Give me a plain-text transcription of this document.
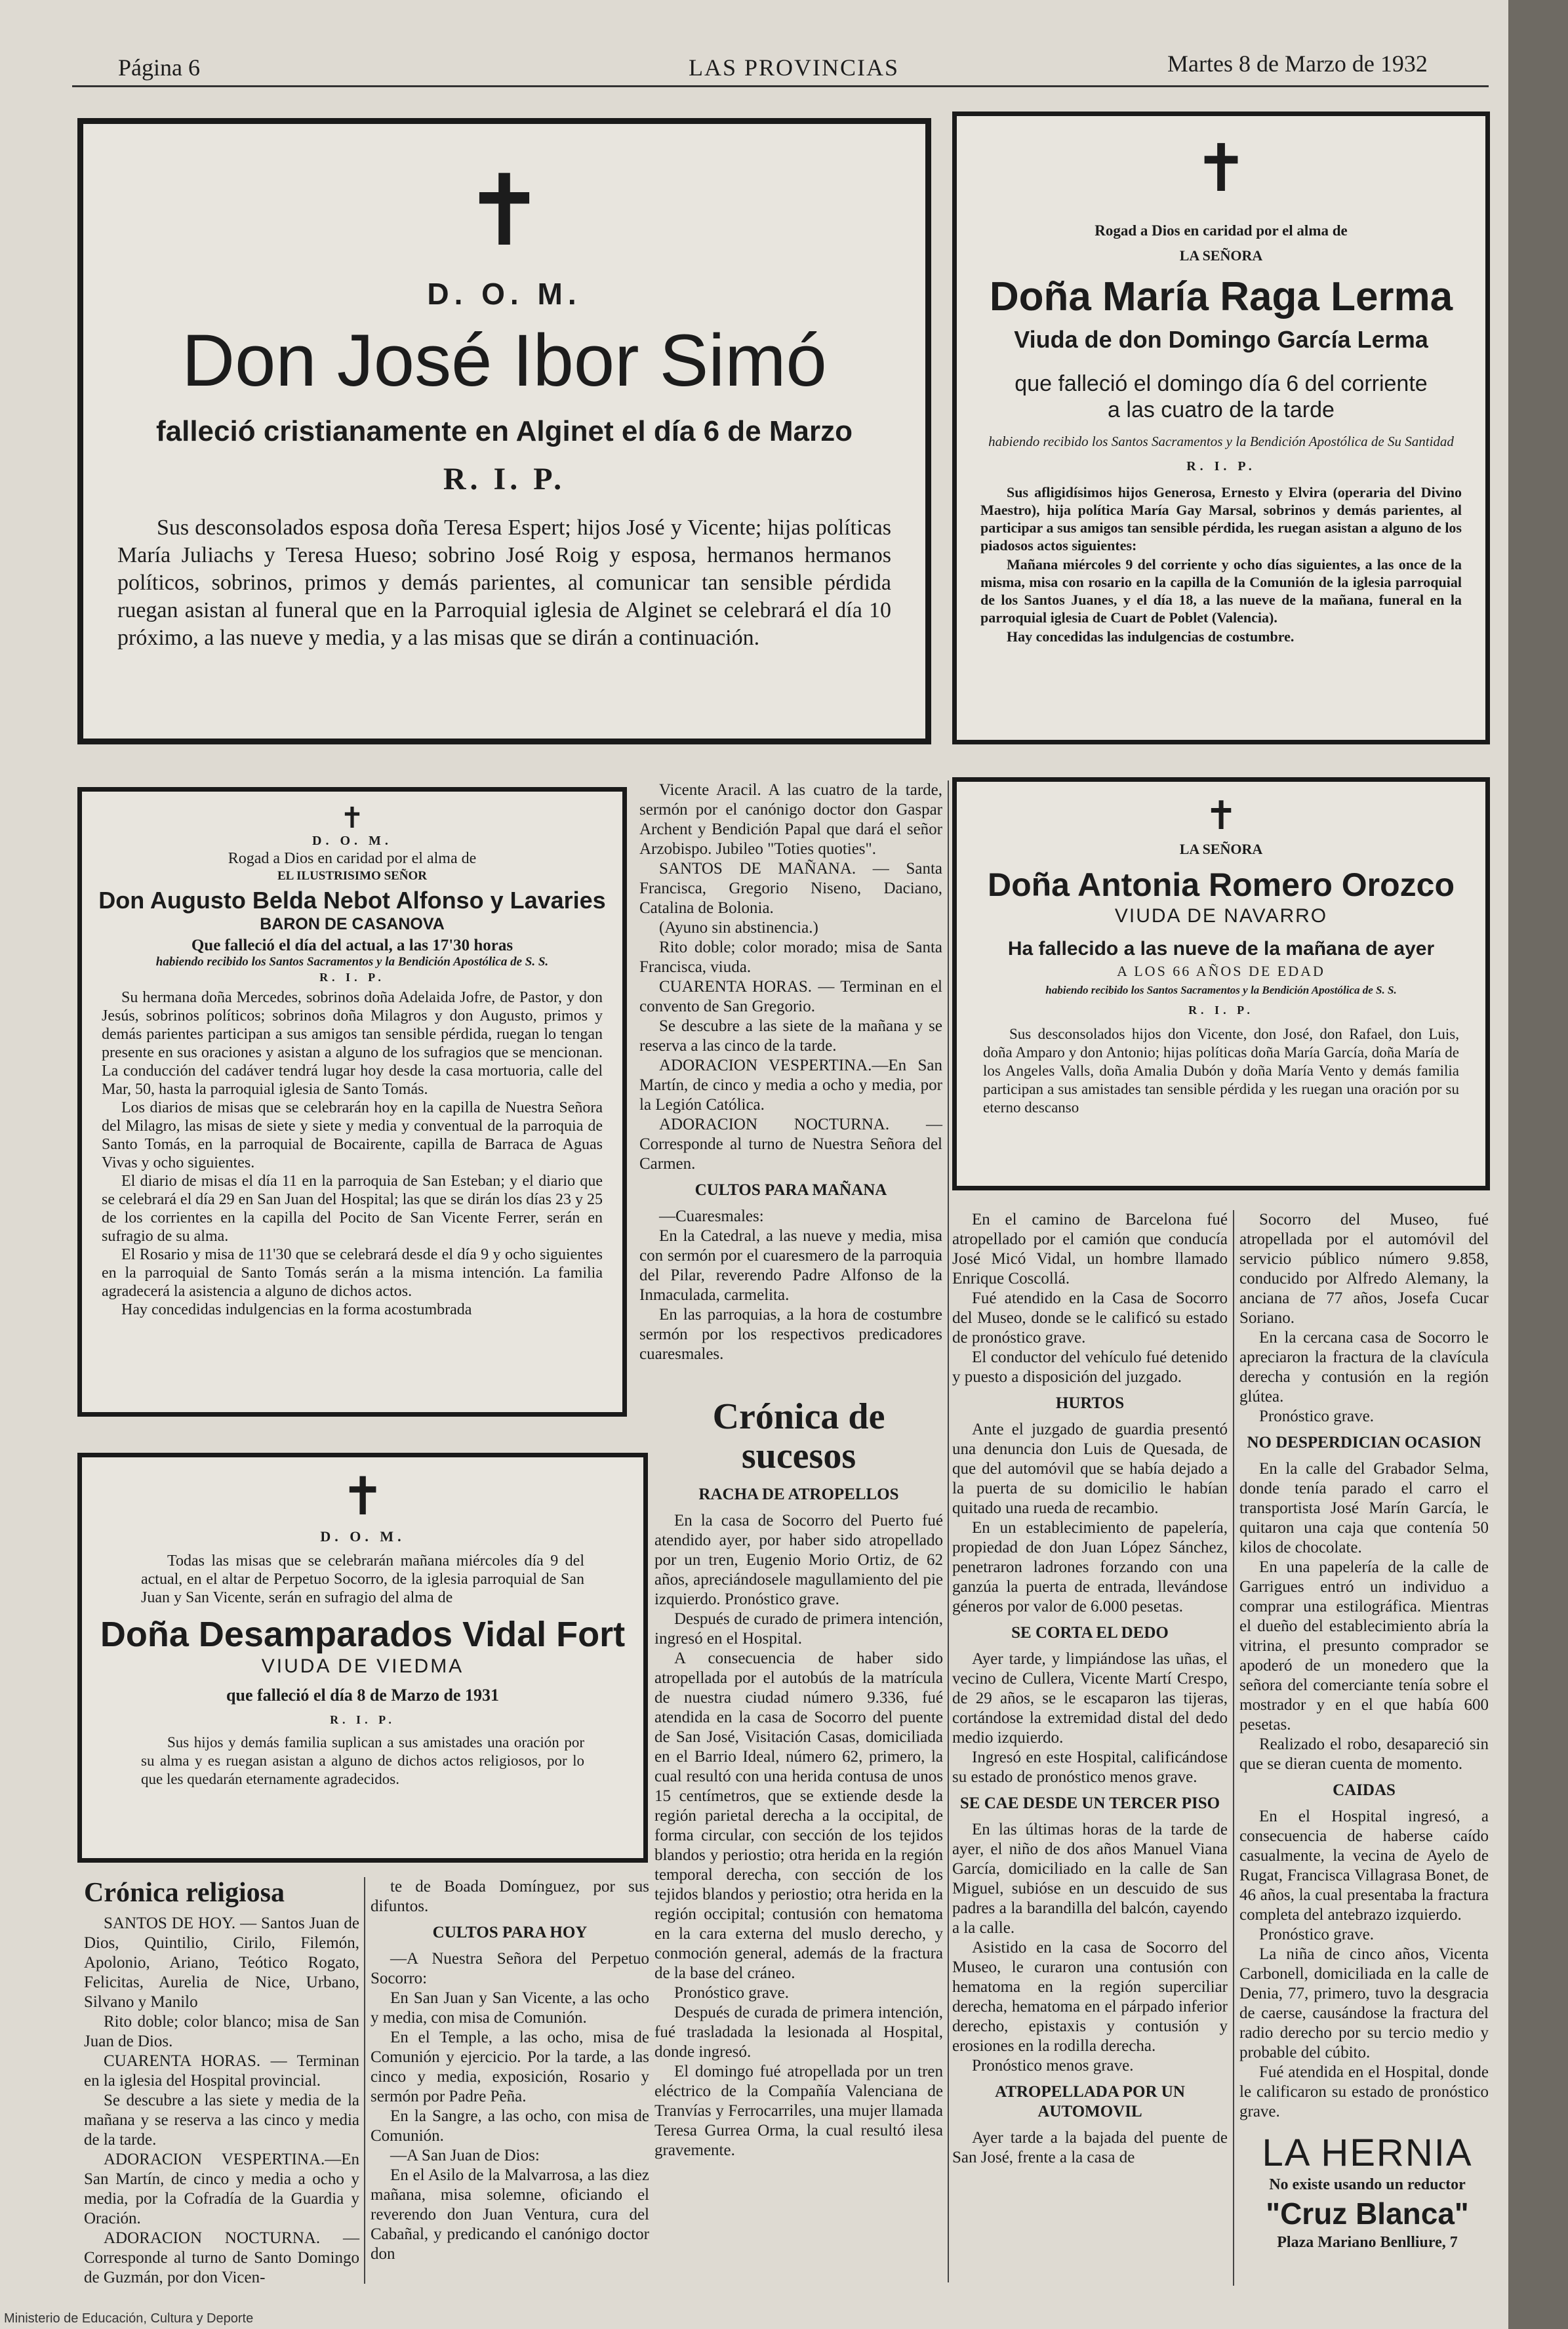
Página 6	LAS PROVINCIAS	Martes 8 de Marzo de 1932
✝
D. O. M.
Don José Ibor Simó
falleció cristianamente en Alginet el día 6 de Marzo
R. I. P.
Sus desconsolados esposa doña Teresa Espert; hijos José y Vicente; hijas políticas María Juliachs y Teresa Hueso; sobrino José Roig y esposa, hermanos hermanos políticos, sobrinos, primos y demás parientes, al comunicar tan sensible pérdida ruegan asistan al funeral que en la Parroquial iglesia de Alginet se celebrará el día 10 próximo, a las nueve y media, y a las misas que se dirán a continuación.
✝
Rogad a Dios en caridad por el alma de
LA SEÑORA
Doña María Raga Lerma
Viuda de don Domingo García Lerma
que falleció el domingo día 6 del corriente a las cuatro de la tarde
habiendo recibido los Santos Sacramentos y la Bendición Apostólica de Su Santidad
R. I. P.
Sus afligidísimos hijos Generosa, Ernesto y Elvira (operaria del Divino Maestro), hija política María Gay Marsal, sobrinos y demás parientes, al participar a sus amigos tan sensible pérdida, les ruegan asistan a alguno de los piadosos actos siguientes:
Mañana miércoles 9 del corriente y ocho días siguientes, a las once de la misma, misa con rosario en la capilla de la Comunión de la iglesia parroquial de los Santos Juanes, y el día 18, a las nueve de la mañana, funeral en la parroquial iglesia de Cuart de Poblet (Valencia).
Hay concedidas las indulgencias de costumbre.
✝
D. O. M.
Rogad a Dios en caridad por el alma de
EL ILUSTRISIMO SEÑOR
Don Augusto Belda Nebot Alfonso y Lavaries
BARON DE CASANOVA
Que falleció el día del actual, a las 17'30 horas
habiendo recibido los Santos Sacramentos y la Bendición Apostólica de S. S.
R. I. P.
Su hermana doña Mercedes, sobrinos doña Adelaida Jofre, de Pastor, y don Jesús, sobrinos políticos; sobrinos doña Milagros y don Augusto, primos y demás parientes participan a sus amigos tan sensible pérdida, ruegan lo tengan presente en sus oraciones y asistan a alguno de los sufragios que se mencionan. La conducción del cadáver tendrá lugar hoy desde la casa mortuoria, calle del Mar, 50, hasta la parroquial iglesia de Santo Tomás.
Los diarios de misas que se celebrarán hoy en la capilla de Nuestra Señora del Milagro, las misas de siete y siete y media y conventual de la parroquia de Santo Tomás, en la parroquial de Bocairente, capilla de Barraca de Aguas Vivas y ocho siguientes.
El diario de misas el día 11 en la parroquia de San Esteban; y el diario que se celebrará el día 29 en San Juan del Hospital; las que se dirán los días 23 y 25 de los corrientes en la capilla del Pocito de San Vicente Ferrer, serán en sufragio de su alma.
El Rosario y misa de 11'30 que se celebrará desde el día 9 y ocho siguientes en la parroquial de Santo Tomás serán a la misma intención. La familia agradecerá la asistencia a alguno de dichos actos.
Hay concedidas indulgencias en la forma acostumbrada
✝
D. O. M.
Todas las misas que se celebrarán mañana miércoles día 9 del actual, en el altar de Perpetuo Socorro, de la iglesia parroquial de San Juan y San Vicente, serán en sufragio del alma de
Doña Desamparados Vidal Fort
VIUDA DE VIEDMA
que falleció el día 8 de Marzo de 1931
R. I. P.
Sus hijos y demás familia suplican a sus amistades una oración por su alma y es ruegan asistan a alguno de dichos actos religiosos, por lo que les quedarán eternamente agradecidos.

Vicente Aracil. A las cuatro de la tarde, sermón por el canónigo doctor don Gaspar Archent y Bendición Papal que dará el señor Arzobispo. Jubileo "Toties quoties".

SANTOS DE MAÑANA. — Santa Francisca, Gregorio Niseno, Daciano, Catalina de Bolonia.

(Ayuno sin abstinencia.)

Rito doble; color morado; misa de Santa Francisca, viuda.

CUARENTA HORAS. — Terminan en el convento de San Gregorio.

Se descubre a las siete de la mañana y se reserva a las cinco de la tarde.

ADORACION VESPERTINA.—En San Martín, de cinco y media a ocho y media, por la Legión Católica.

ADORACION NOCTURNA. — Corresponde al turno de Nuestra Señora del Carmen.

CULTOS PARA MAÑANA

—Cuaresmales:

En la Catedral, a las nueve y media, misa con sermón por el cuaresmero de la parroquia del Pilar, reverendo Padre Alfonso de la Inmaculada, carmelita.

En las parroquias, a la hora de costumbre sermón por los respectivos predicadores cuaresmales.

✝
LA SEÑORA
Doña Antonia Romero Orozco
VIUDA DE NAVARRO
Ha fallecido a las nueve de la mañana de ayer
A LOS 66 AÑOS DE EDAD
habiendo recibido los Santos Sacramentos y la Bendición Apostólica de S. S.
R. I. P.
Sus desconsolados hijos don Vicente, don José, don Rafael, don Luis, doña Amparo y don Antonio; hijas políticas doña María García, doña María de los Angeles Valls, doña Amalia Dubón y doña María Vento y demás familia participan a sus amistades tan sensible pérdida y les ruegan una oración por su eterno descanso

Crónica religiosa

SANTOS DE HOY. — Santos Juan de Dios, Quintilio, Cirilo, Filemón, Apolonio, Ariano, Teótico Rogato, Felicitas, Aurelia de Nice, Urbano, Silvano y Manilo

Rito doble; color blanco; misa de San Juan de Dios.

CUARENTA HORAS. — Terminan en la iglesia del Hospital provincial.

Se descubre a las siete y media de la mañana y se reserva a las cinco y media de la tarde.

ADORACION VESPERTINA.—En San Martín, de cinco y media a ocho y media, por la Cofradía de la Guardia y Oración.

ADORACION NOCTURNA. — Corresponde al turno de Santo Domingo de Guzmán, por don Vicen-

te de Boada Domínguez, por sus difuntos.

CULTOS PARA HOY

—A Nuestra Señora del Perpetuo Socorro:

En San Juan y San Vicente, a las ocho y media, con misa de Comunión.

En el Temple, a las ocho, misa de Comunión y ejercicio. Por la tarde, a las cinco y media, exposición, Rosario y sermón por Padre Peña.

En la Sangre, a las ocho, con misa de Comunión.

—A San Juan de Dios:

En el Asilo de la Malvarrosa, a las diez mañana, misa solemne, oficiando el reverendo don Juan Ventura, cura del Cabañal, y predicando el canónigo doctor don

Crónica de sucesos

RACHA DE ATROPELLOS

En la casa de Socorro del Puerto fué atendido ayer, por haber sido atropellado por un tren, Eugenio Morio Ortiz, de 62 años, apreciándosele magullamiento del pie izquierdo. Pronóstico grave.

Después de curado de primera intención, ingresó en el Hospital.

A consecuencia de haber sido atropellada por el autobús de la matrícula de nuestra ciudad número 9.336, fué atendida en la casa de Socorro del puente de San José, Visitación Casas, domiciliada en el Barrio Ideal, número 62, primero, la cual resultó con una herida contusa de unos 15 centímetros, que se extiende desde la región parietal derecha a la occipital, de forma circular, con sección de los tejidos blandos y periostio; otra herida en la región temporal derecha, con sección de los tejidos blandos y periostio; otra herida en la región occipital; contusión con hematoma en la cara externa del muslo derecho, y conmoción general, además de la fractura de la base del cráneo.

Pronóstico grave.

Después de curada de primera intención, fué trasladada la lesionada al Hospital, donde ingresó.

El domingo fué atropellada por un tren eléctrico de la Compañía Valenciana de Tranvías y Ferrocarriles, una mujer llamada Teresa Gurrea Orma, la cual resultó ilesa gravemente.

En el camino de Barcelona fué atropellado por el camión que conducía José Micó Vidal, un hombre llamado Enrique Coscollá.

Fué atendido en la Casa de Socorro del Museo, donde se le calificó su estado de pronóstico grave.

El conductor del vehículo fué detenido y puesto a disposición del juzgado.

HURTOS

Ante el juzgado de guardia presentó una denuncia don Luis de Quesada, de que del automóvil que se había dejado a la puerta de su domicilio le habían quitado una rueda de recambio.

En un establecimiento de papelería, propiedad de don Juan López Sánchez, penetraron ladrones forzando con una ganzúa la puerta de entrada, llevándose géneros por valor de 6.000 pesetas.

SE CORTA EL DEDO

Ayer tarde, y limpiándose las uñas, el vecino de Cullera, Vicente Martí Crespo, de 29 años, se le escaparon las tijeras, cortándose la extremidad distal del dedo medio izquierdo.

Ingresó en este Hospital, calificándose su estado de pronóstico menos grave.

SE CAE DESDE UN TERCER PISO

En las últimas horas de la tarde de ayer, el niño de dos años Manuel Viana García, domiciliado en la calle de San Miguel, subióse en un descuido de sus padres a la barandilla del balcón, cayendo a la calle.

Asistido en la casa de Socorro del Museo, le curaron una contusión con hematoma en la región superciliar derecha, hematoma en el párpado inferior derecho, epistaxis y contusión y erosiones en la rodilla derecha.

Pronóstico menos grave.

ATROPELLADA POR UN AUTOMOVIL

Ayer tarde a la bajada del puente de San José, frente a la casa de

Socorro del Museo, fué atropellada por el automóvil del servicio público número 9.858, conducido por Alfredo Alemany, la anciana de 77 años, Josefa Cucar Soriano.

En la cercana casa de Socorro le apreciaron la fractura de la clavícula derecha y contusión en la región glútea.

Pronóstico grave.

NO DESPERDICIAN OCASION

En la calle del Grabador Selma, donde tenía parado el carro el transportista José Marín García, le quitaron una caja que contenía 50 kilos de chocolate.

En una papelería de la calle de Garrigues entró un individuo a comprar una estilográfica. Mientras el dueño del establecimiento abría la vitrina, el presunto comprador se apoderó de un monedero que la señora del comerciante tenía sobre el mostrador y en el que había 600 pesetas.

Realizado el robo, desapareció sin que se dieran cuenta de momento.

CAIDAS

En el Hospital ingresó, a consecuencia de haberse caído casualmente, la vecina de Ayelo de Rugat, Francisca Villagrasa Bonet, de 46 años, la cual presentaba la fractura completa del antebrazo izquierdo.

Pronóstico grave.

La niña de cinco años, Vicenta Carbonell, domiciliada en la calle de Denia, 77, primero, tuvo la desgracia de caerse, causándose la fractura del radio derecho por su tercio medio y probable del cúbito.

Fué atendida en el Hospital, donde le calificaron su estado de pronóstico grave.

LA HERNIA
No existe usando un reductor
"Cruz Blanca"
Plaza Mariano Benlliure, 7
Ministerio de Educación, Cultura y Deporte
